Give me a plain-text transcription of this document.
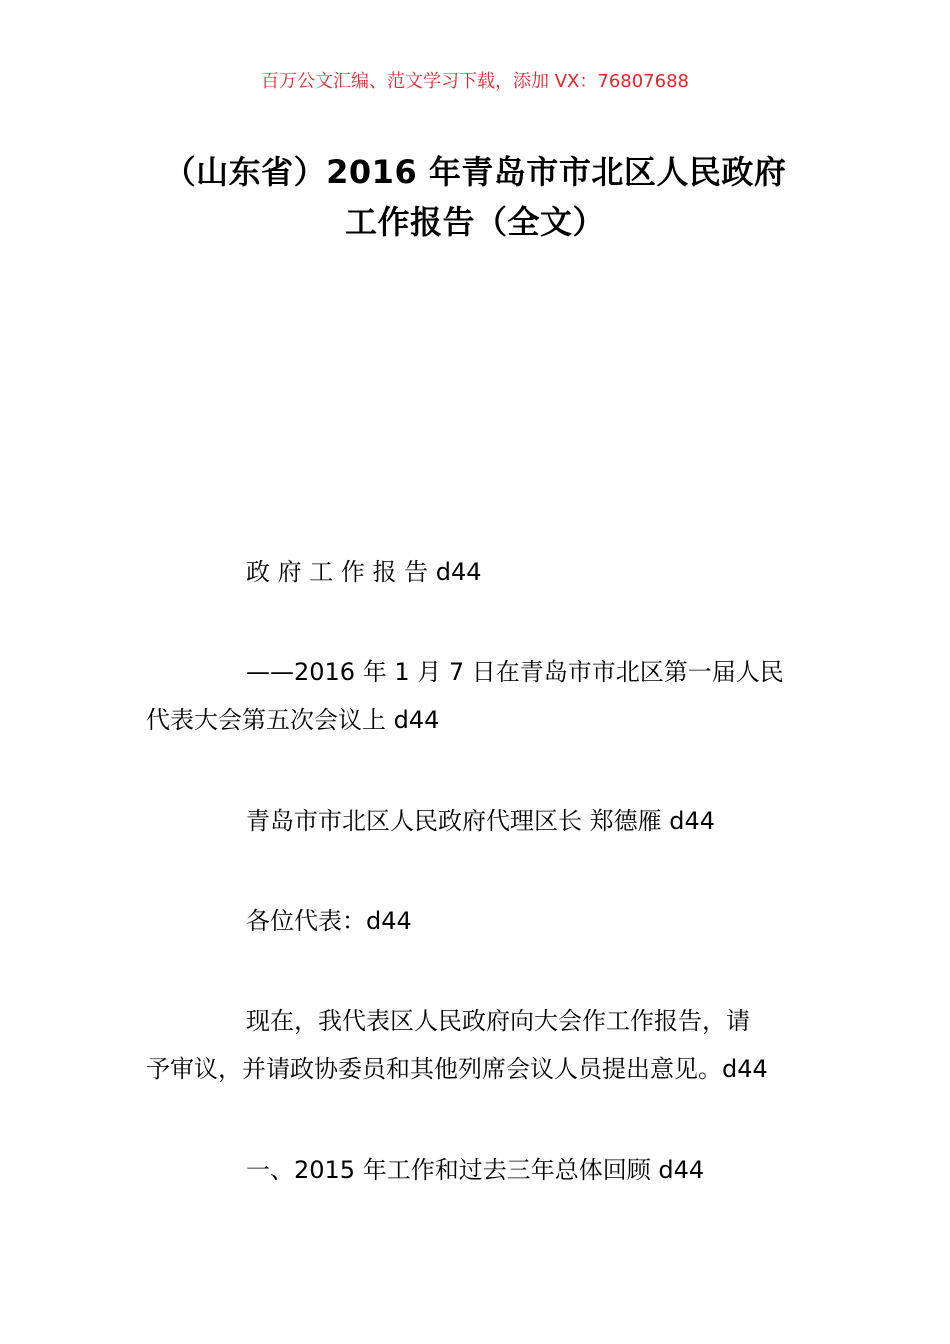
百万公文汇编、范文学习下载，添加 VX：76807688
（山东省）2016 年青岛市市北区人民政府
工作报告（全文）
政 府 工 作 报 告 d44
——2016 年 1 月 7 日在青岛市市北区第一届人民
代表大会第五次会议上 d44
青岛市市北区人民政府代理区长 郑德雁 d44
各位代表：d44
现在，我代表区人民政府向大会作工作报告，请
予审议，并请政协委员和其他列席会议人员提出意见。d44
一、2015 年工作和过去三年总体回顾 d44
